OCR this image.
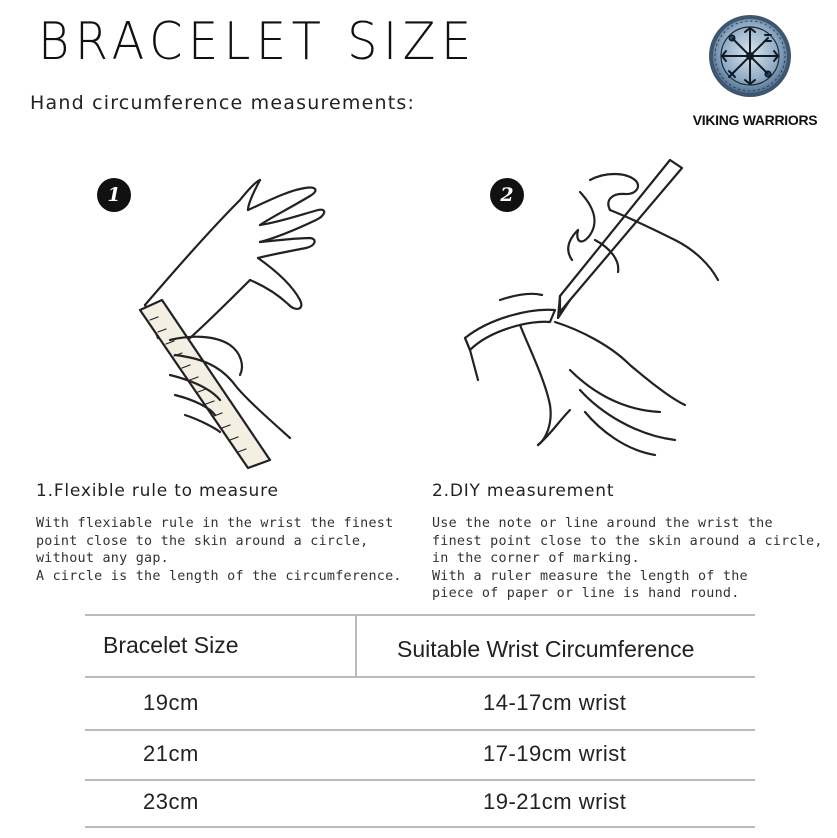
BRACELET SIZE
Hand circumference measurements:
VIKING WARRIORS
1
1.Flexible rule to measure
With flexiable rule in the wrist the finest
point close to the skin around a circle,
without any gap.
A circle is the length of the circumference.
2
2.DIY measurement
Use the note or line around the wrist the
finest point close to the skin around a circle,
in the corner of marking.
With a ruler measure the length of the
piece of paper or line is hand round.
Bracelet Size	Suitable Wrist Circumference
19cm	14-17cm wrist
21cm	17-19cm wrist
23cm	19-21cm wrist
